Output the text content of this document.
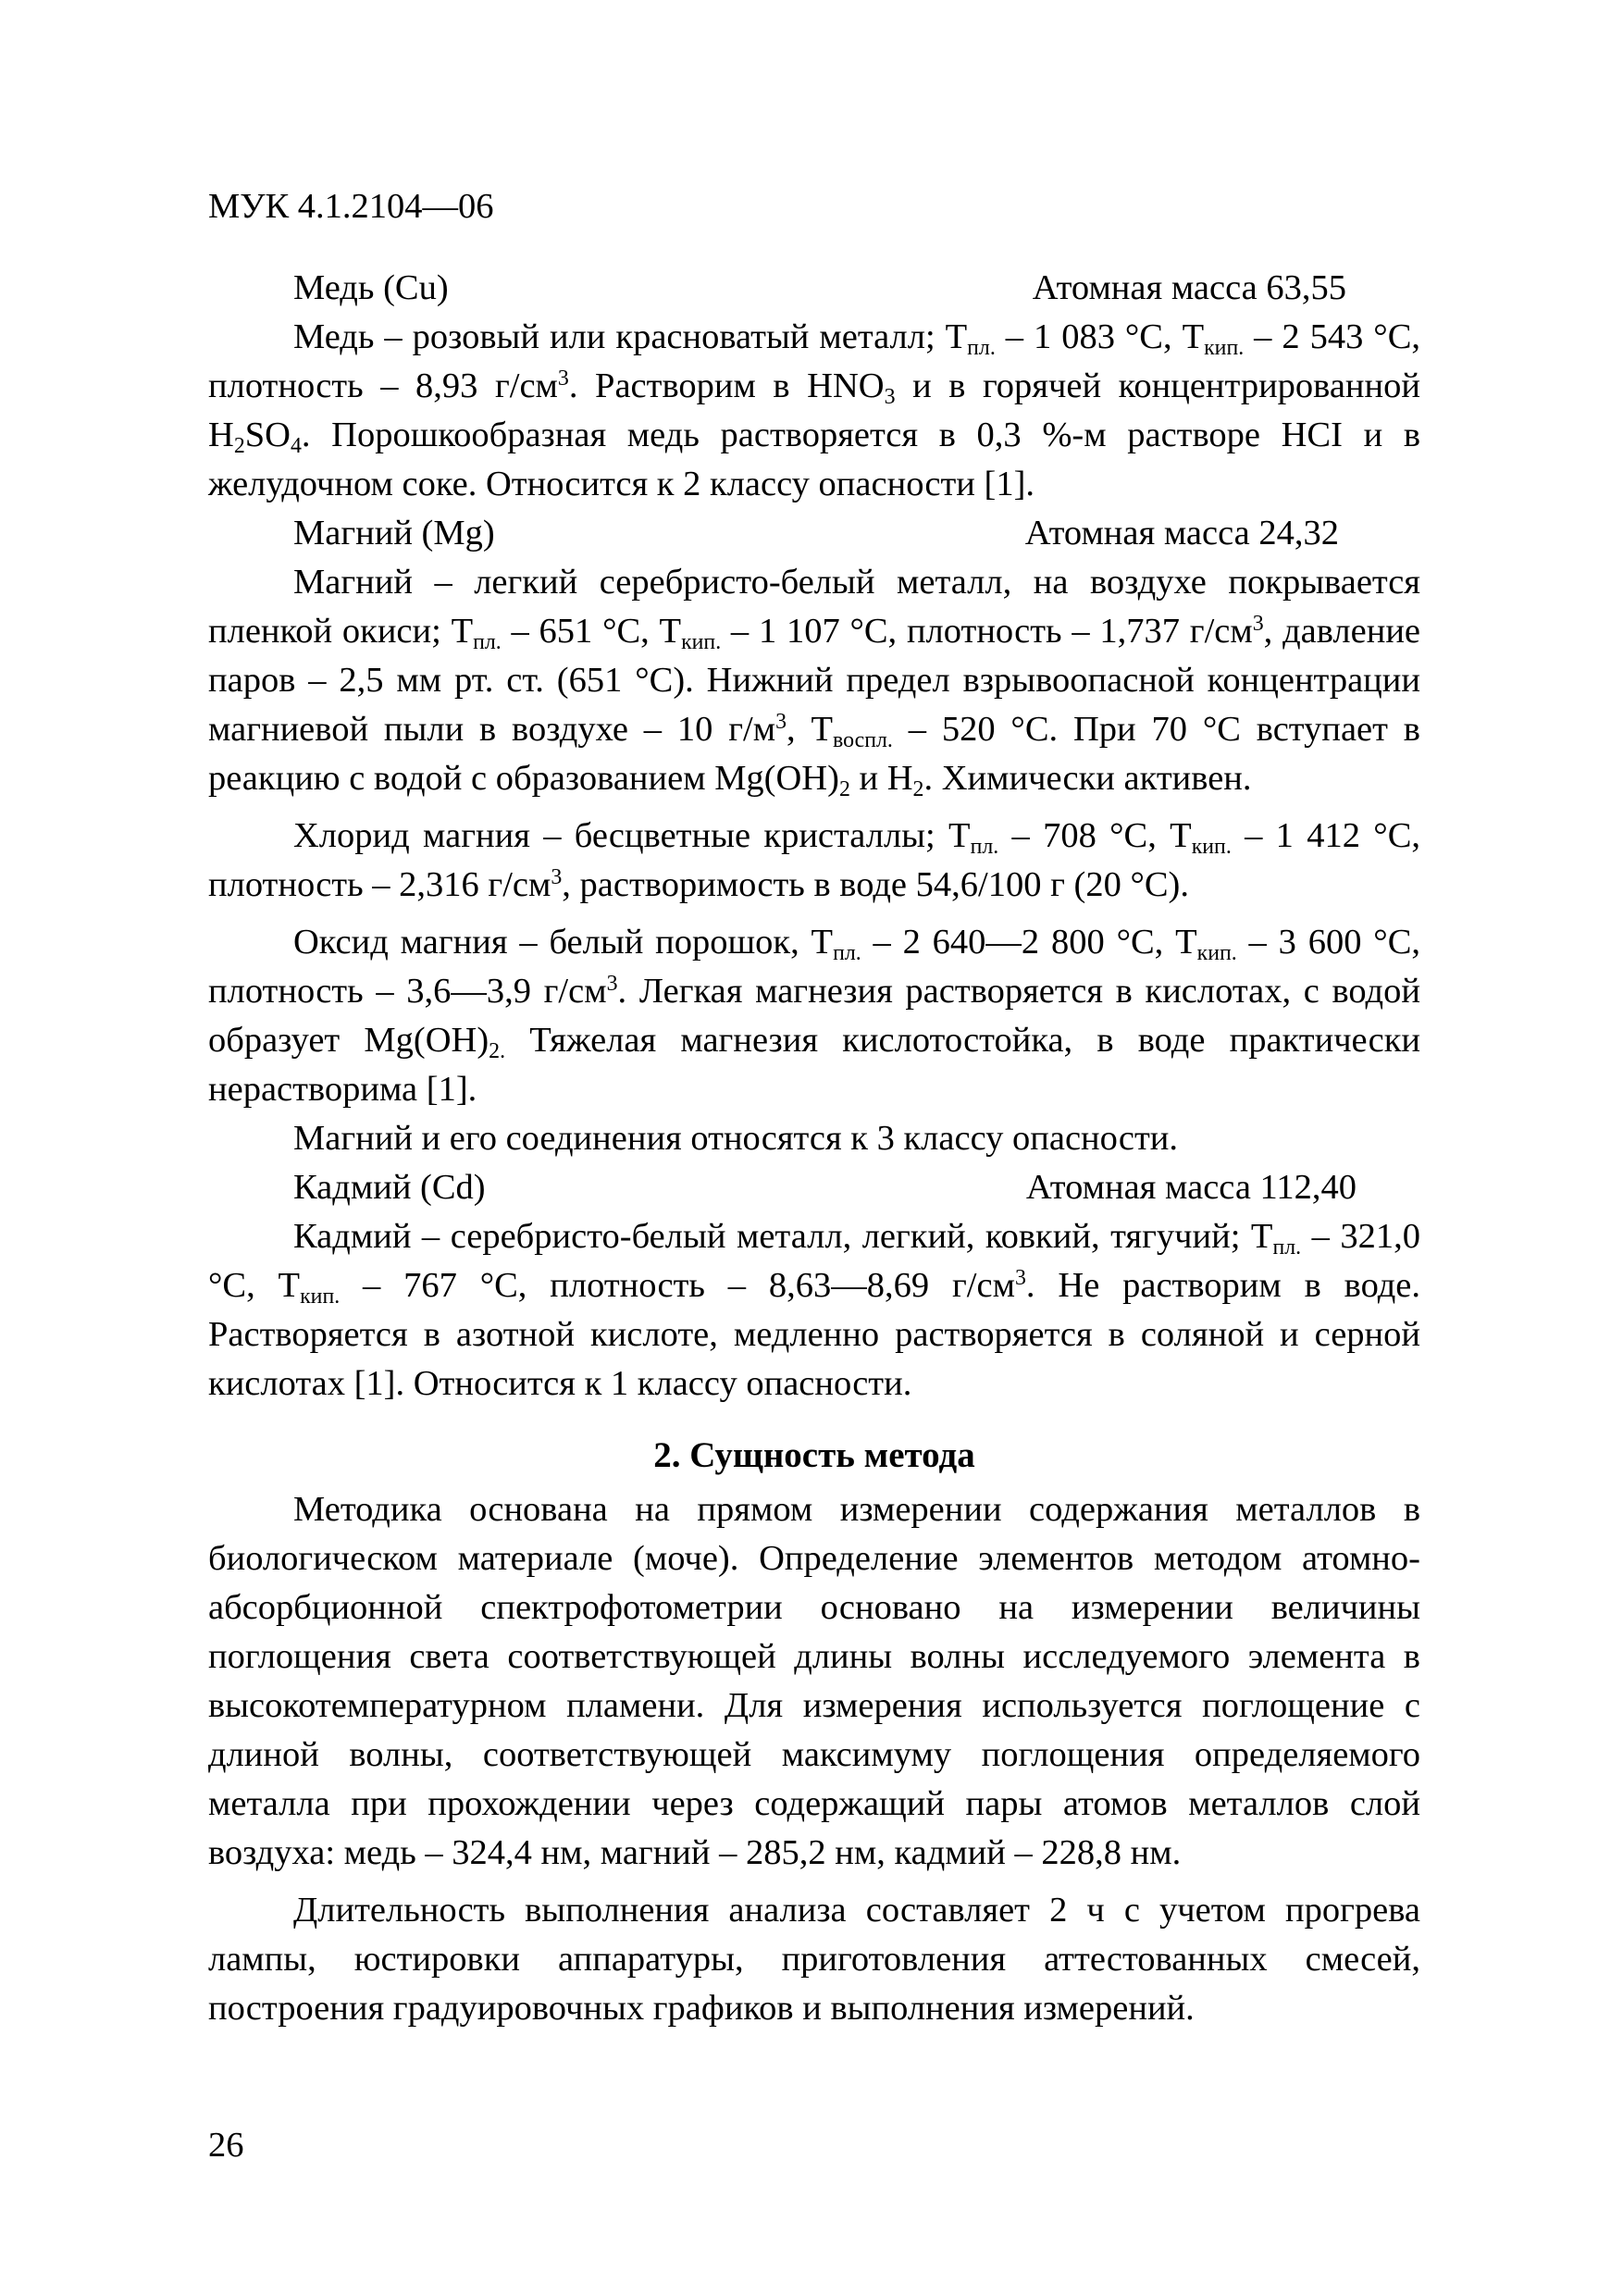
МУК 4.1.2104—06
Медь (Cu)	Атомная масса 63,55

Медь – розовый или красноватый металл; $Т_{пл.} - 1$ 083 °С, $Т_{кип.} - 2$ 543 °С, плотность – 8,93 $г/см^3$. Растворим в $HNO_3$ и в горячей концентрированной $H_2SO_4$. Порошкообразная медь растворяется в 0,3 %-м растворе HCI и в желудочном соке. Относится к 2 классу опасности [1].

Магний (Mg)	Атомная масса 24,32

Магний – легкий серебристо-белый металл, на воздухе покрывается пленкой окиси; $Т_{пл.} - 651$ °С, $Т_{кип.} - 1$ 107 °С, плотность – 1,737 $г/см^3$, давление паров – 2,5 мм рт. ст. (651 °С). Нижний предел взрывоопасной концентрации магниевой пыли в воздухе – 10 $г/м^3$, $Т_{воспл.} - 520$ °С. При 70 °С вступает в реакцию с водой с образованием $Mg(OH)_2$ и $H_2$. Химически активен.

Хлорид магния – бесцветные кристаллы; $Т_{пл.} - 708$ °С, $Т_{кип.} - 1$ 412 °С, плотность – 2,316 $г/см^3$, растворимость в воде 54,6/100 г (20 °С).

Оксид магния – белый порошок, $Т_{пл.} - 2$ 640—2 800 °С, $Т_{кип.} - 3$ 600 °С, плотность – 3,6—3,9 $г/см^3$. Легкая магнезия растворяется в кислотах, с водой образует $Mg(OH)_{2.}$ Тяжелая магнезия кислотостойка, в воде практически нерастворима [1].

Магний и его соединения относятся к 3 классу опасности.

Кадмий (Cd)	Атомная масса 112,40

Кадмий – серебристо-белый металл, легкий, ковкий, тягучий; $Т_{пл.} - 321,0$ °С, $Т_{кип.} - 767$ °С, плотность – 8,63—8,69 $г/см^3$. Не растворим в воде. Растворяется в азотной кислоте, медленно растворяется в соляной и серной кислотах [1]. Относится к 1 классу опасности.

2. Сущность метода

Методика основана на прямом измерении содержания металлов в биологическом материале (моче). Определение элементов методом атомно-абсорбционной спектрофотометрии основано на измерении величины поглощения света соответствующей длины волны исследуемого элемента в высокотемпературном пламени. Для измерения используется поглощение с длиной волны, соответствующей максимуму поглощения определяемого металла при прохождении через содержащий пары атомов металлов слой воздуха: медь – 324,4 нм, магний – 285,2 нм, кадмий – 228,8 нм.

Длительность выполнения анализа составляет 2 ч с учетом прогрева лампы, юстировки аппаратуры, приготовления аттестованных смесей, построения градуировочных графиков и выполнения измерений.

26
